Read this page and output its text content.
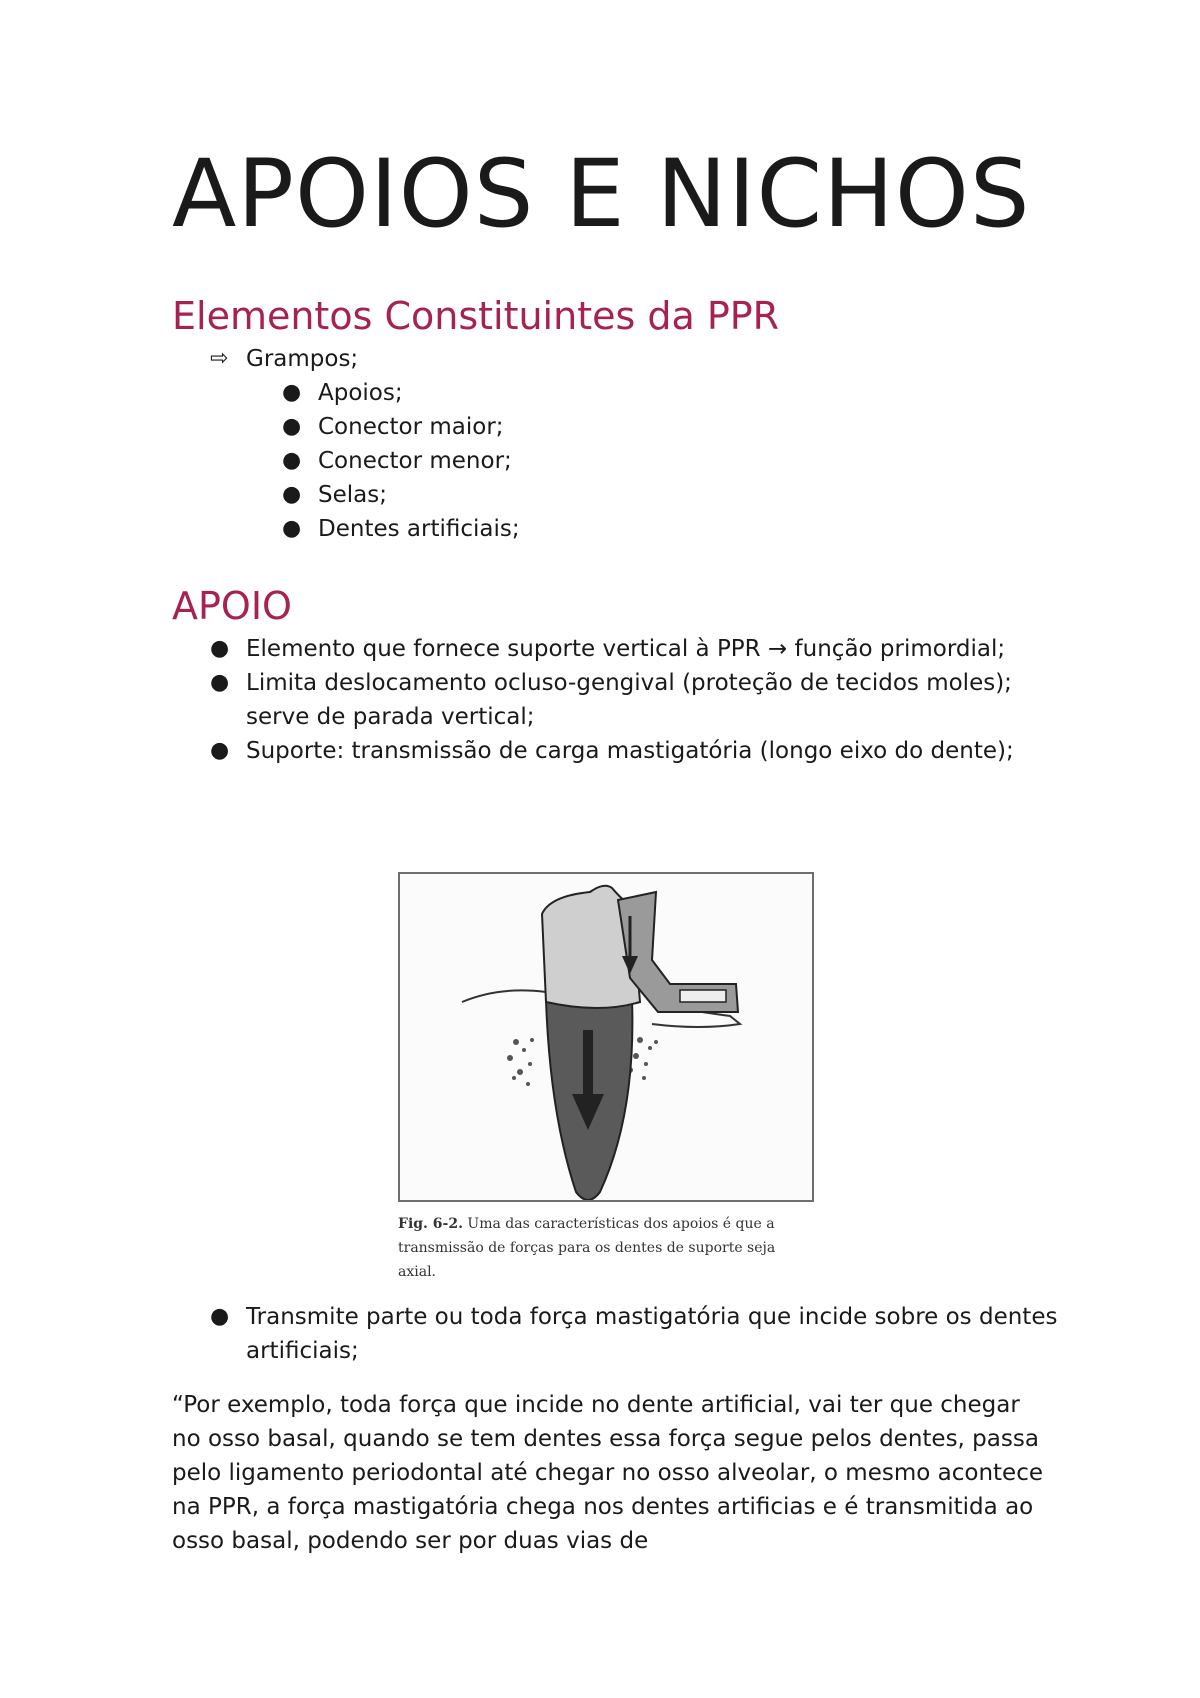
APOIOS E NICHOS
Elementos Constituintes da PPR
⇨ Grampos;
● Apoios;
● Conector maior;
● Conector menor;
● Selas;
● Dentes artificiais;
APOIO
● Elemento que fornece suporte vertical à PPR → função primordial;
● Limita deslocamento ocluso-gengival (proteção de tecidos moles); serve de parada vertical;
● Suporte: transmissão de carga mastigatória (longo eixo do dente);
Fig. 6-2. Uma das características dos apoios é que a transmissão de forças para os dentes de suporte seja axial.
● Transmite parte ou toda força mastigatória que incide sobre os dentes artificiais;

“Por exemplo, toda força que incide no dente artificial, vai ter que chegar no osso basal, quando se tem dentes essa força segue pelos dentes, passa pelo ligamento periodontal até chegar no osso alveolar, o mesmo acontece na PPR, a força mastigatória chega nos dentes artificias e é transmitida ao osso basal, podendo ser por duas vias de
